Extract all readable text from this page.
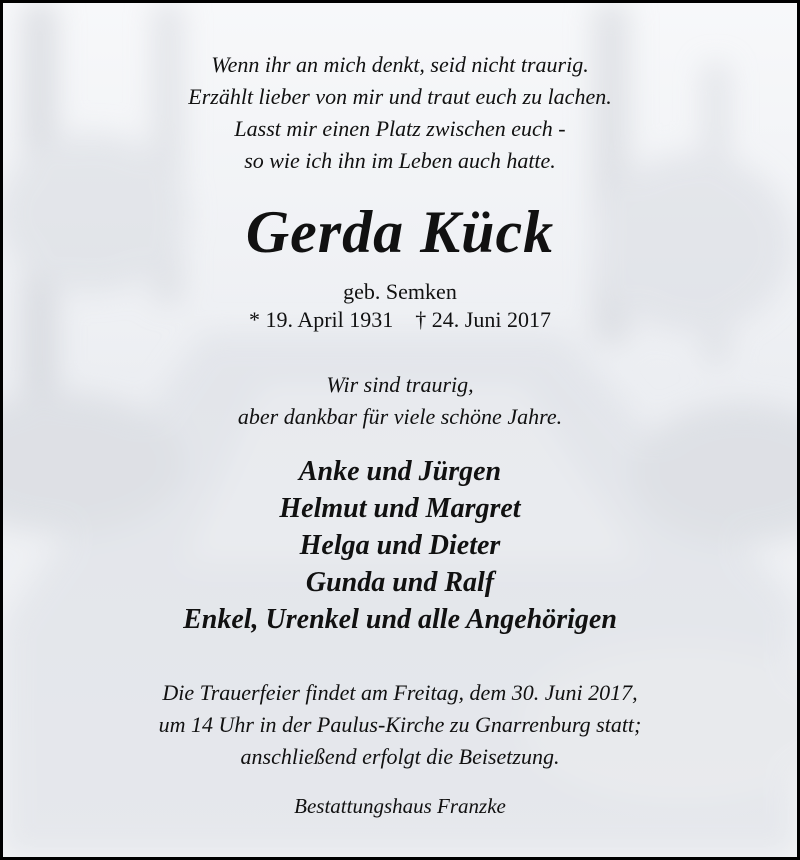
Wenn ihr an mich denkt, seid nicht traurig.
Erzählt lieber von mir und traut euch zu lachen.
Lasst mir einen Platz zwischen euch -
so wie ich ihn im Leben auch hatte.
Gerda Kück
geb. Semken
* 19. April 1931 † 24. Juni 2017
Wir sind traurig,
aber dankbar für viele schöne Jahre.
Anke und Jürgen
Helmut und Margret
Helga und Dieter
Gunda und Ralf
Enkel, Urenkel und alle Angehörigen
Die Trauerfeier findet am Freitag, dem 30. Juni 2017,
um 14 Uhr in der Paulus-Kirche zu Gnarrenburg statt;
anschließend erfolgt die Beisetzung.
Bestattungshaus Franzke
